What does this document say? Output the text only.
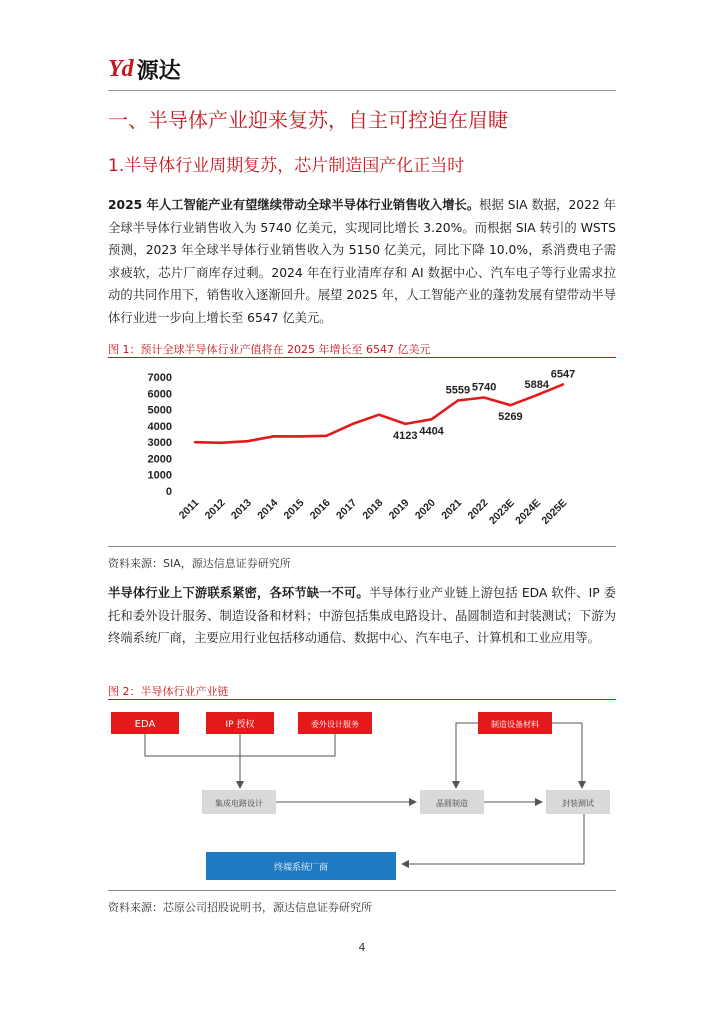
Yd 源达
一、半导体产业迎来复苏，自主可控迫在眉睫
1.半导体行业周期复苏，芯片制造国产化正当时

2025 年人工智能产业有望继续带动全球半导体行业销售收入增长。根据 SIA 数据，2022 年全球半导体行业销售收入为 5740 亿美元，实现同比增长 3.20%。而根据 SIA 转引的 WSTS 预测，2023 年全球半导体行业销售收入为 5150 亿美元，同比下降 10.0%，系消费电子需求疲软，芯片厂商库存过剩。2024 年在行业清库存和 AI 数据中心、汽车电子等行业需求拉动的共同作用下，销售收入逐渐回升。展望 2025 年，人工智能产业的蓬勃发展有望带动半导体行业进一步向上增长至 6547 亿美元。

图 1：预计全球半导体行业产值将在 2025 年增长至 6547 亿美元
0
1000
2000
3000
4000
5000
6000
7000
2011 2012 2013 2014 2015 2016 2017 2018 2019 2020 2021 2022
2023E
2024E
2025E
4123 4404
5559 5740
5269
5884
6547
资料来源：SIA，源达信息证券研究所

半导体行业上下游联系紧密，各环节缺一不可。半导体行业产业链上游包括 EDA 软件、IP 委托和委外设计服务、制造设备和材料；中游包括集成电路设计、晶圆制造和封装测试；下游为终端系统厂商，主要应用行业包括移动通信、数据中心、汽车电子、计算机和工业应用等。

图 2：半导体行业产业链
EDA	IP 授权	委外设计服务	制造设备材料
集成电路设计	晶圆制造	封装测试
终端系统厂商
资料来源：芯原公司招股说明书，源达信息证券研究所
4
